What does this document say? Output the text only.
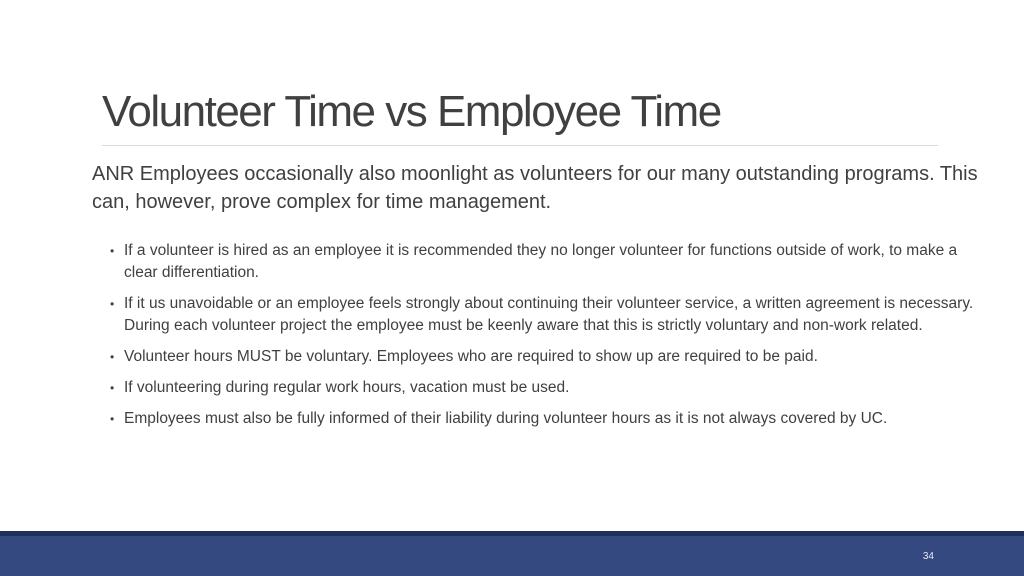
Volunteer Time vs Employee Time

ANR Employees occasionally also moonlight as volunteers for our many outstanding programs. This can, however, prove complex for time management.

• If a volunteer is hired as an employee it is recommended they no longer volunteer for functions outside of work, to make a clear differentiation.
• If it us unavoidable or an employee feels strongly about continuing their volunteer service, a written agreement is necessary. During each volunteer project the employee must be keenly aware that this is strictly voluntary and non-work related.
• Volunteer hours MUST be voluntary. Employees who are required to show up are required to be paid.
• If volunteering during regular work hours, vacation must be used.
• Employees must also be fully informed of their liability during volunteer hours as it is not always covered by UC.
34
